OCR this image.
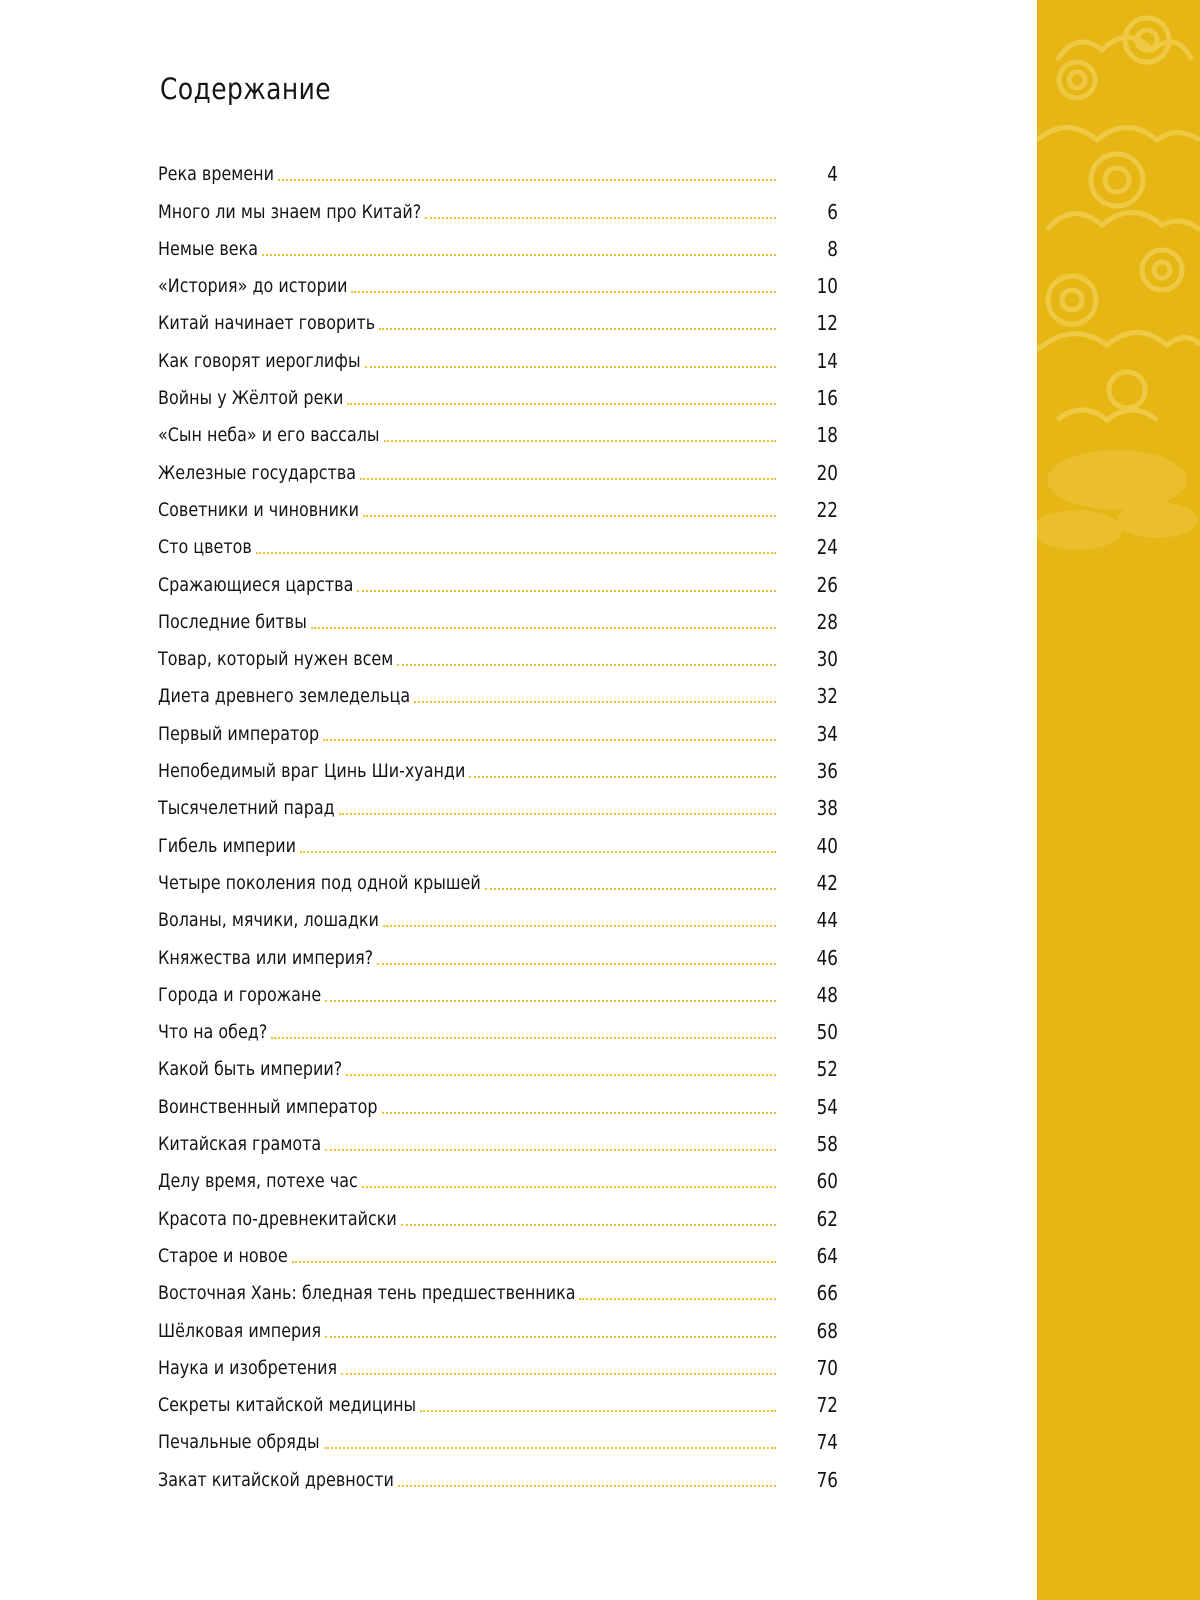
Содержание
Река времени	4
Много ли мы знаем про Китай?	6
Немые века	8
«История» до истории	10
Китай начинает говорить	12
Как говорят иероглифы	14
Войны у Жёлтой реки	16
«Сын неба» и его вассалы	18
Железные государства	20
Советники и чиновники	22
Сто цветов	24
Сражающиеся царства	26
Последние битвы	28
Товар, который нужен всем	30
Диета древнего земледельца	32
Первый император	34
Непобедимый враг Цинь Ши-хуанди	36
Тысячелетний парад	38
Гибель империи	40
Четыре поколения под одной крышей	42
Воланы, мячики, лошадки	44
Княжества или империя?	46
Города и горожане	48
Что на обед?	50
Какой быть империи?	52
Воинственный император	54
Китайская грамота	58
Делу время, потехе час	60
Красота по-древнекитайски	62
Старое и новое	64
Восточная Хань: бледная тень предшественника	66
Шёлковая империя	68
Наука и изобретения	70
Секреты китайской медицины	72
Печальные обряды	74
Закат китайской древности	76
